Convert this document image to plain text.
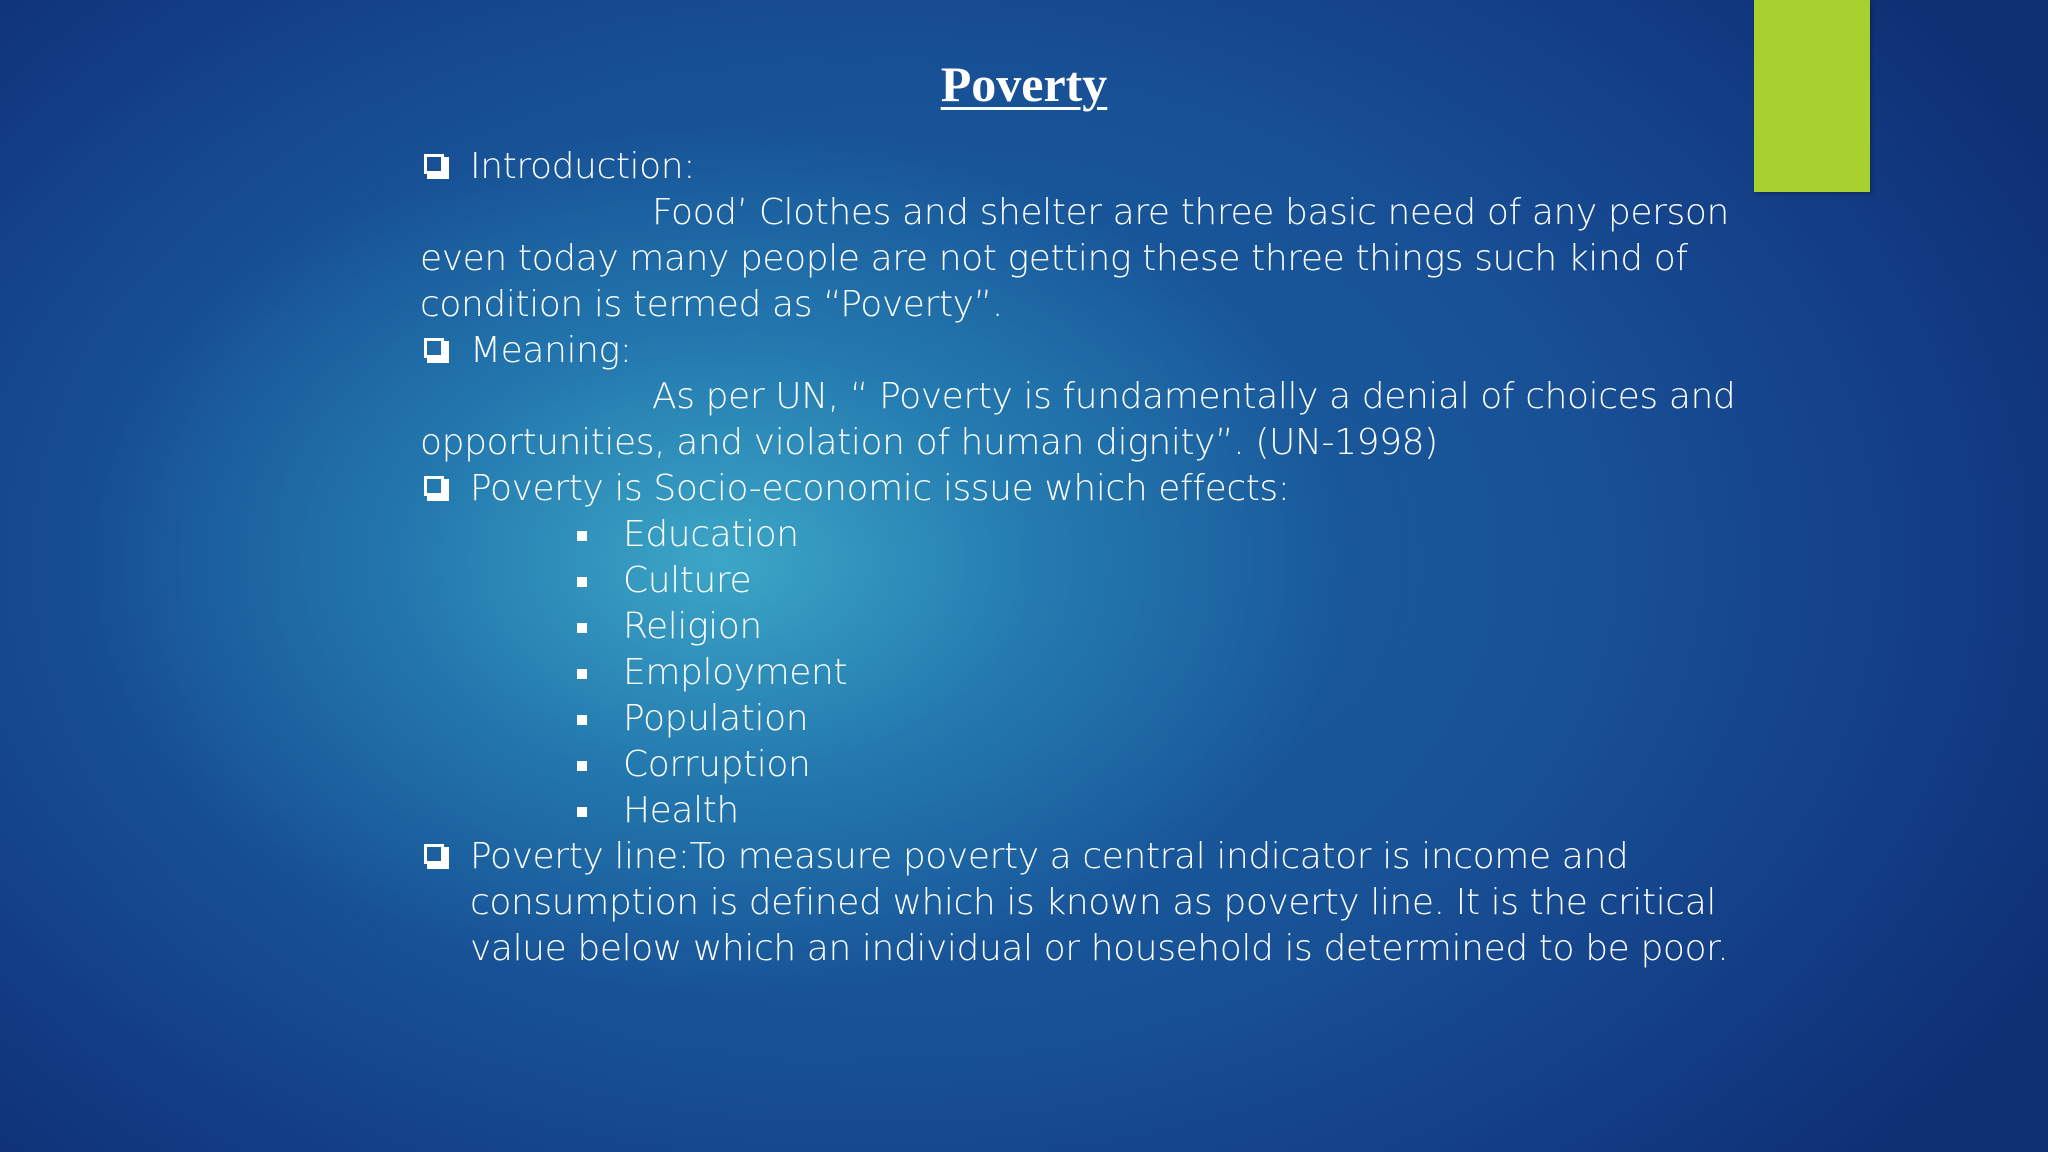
Poverty
Introduction:
Food’ Clothes and shelter are three basic need of any person
even today many people are not getting these three things such kind of
condition is termed as “Poverty”.
Meaning:
As per UN, “ Poverty is fundamentally a denial of choices and
opportunities, and violation of human dignity”. (UN-1998)
Poverty is Socio-economic issue which effects:
Education
Culture
Religion
Employment
Population
Corruption
Health
Poverty line:To measure poverty a central indicator is income and
consumption is defined which is known as poverty line. It is the critical
value below which an individual or household is determined to be poor.
